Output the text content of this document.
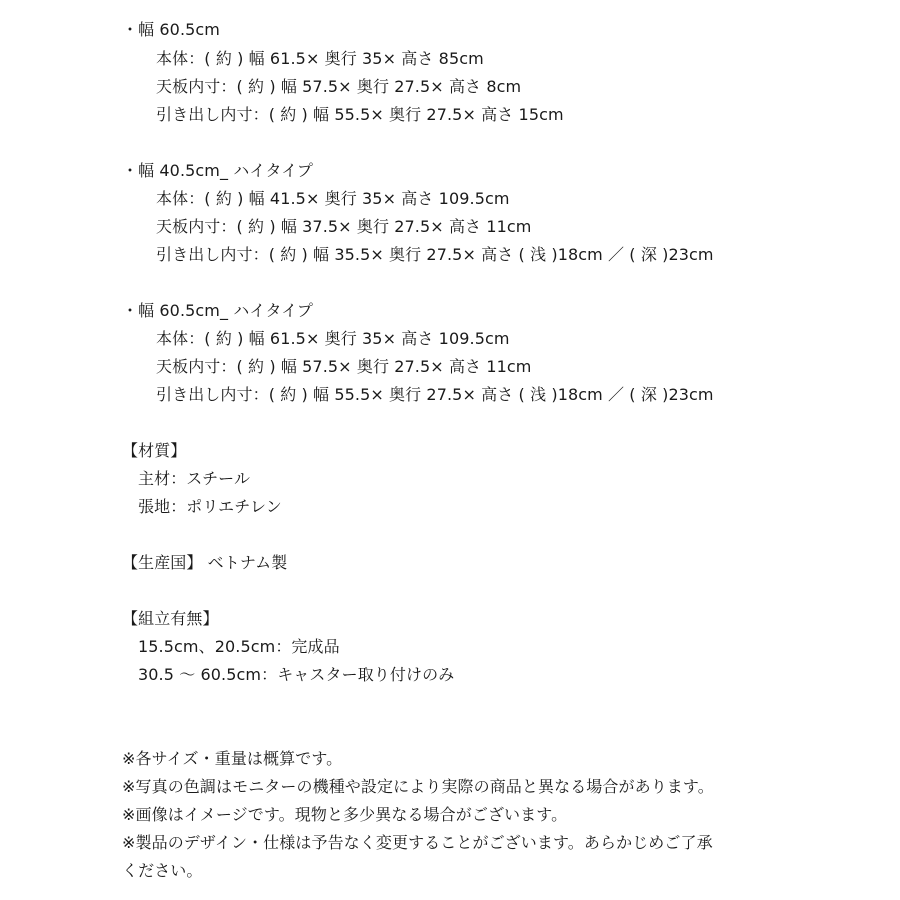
・幅 60.5cm
本体：( 約 ) 幅 61.5× 奥行 35× 高さ 85cm
天板内寸：( 約 ) 幅 57.5× 奥行 27.5× 高さ 8cm
引き出し内寸：( 約 ) 幅 55.5× 奥行 27.5× 高さ 15cm
・幅 40.5cm_ ハイタイプ
本体：( 約 ) 幅 41.5× 奥行 35× 高さ 109.5cm
天板内寸：( 約 ) 幅 37.5× 奥行 27.5× 高さ 11cm
引き出し内寸：( 約 ) 幅 35.5× 奥行 27.5× 高さ ( 浅 )18cm ／ ( 深 )23cm
・幅 60.5cm_ ハイタイプ
本体：( 約 ) 幅 61.5× 奥行 35× 高さ 109.5cm
天板内寸：( 約 ) 幅 57.5× 奥行 27.5× 高さ 11cm
引き出し内寸：( 約 ) 幅 55.5× 奥行 27.5× 高さ ( 浅 )18cm ／ ( 深 )23cm
【材質】
主材：スチール
張地：ポリエチレン
【生産国】 ベトナム製
【組立有無】
15.5cm、20.5cm：完成品
30.5 〜 60.5cm：キャスター取り付けのみ
※各サイズ・重量は概算です。
※写真の色調はモニターの機種や設定により実際の商品と異なる場合があります。
※画像はイメージです。現物と多少異なる場合がございます。
※製品のデザイン・仕様は予告なく変更することがございます。あらかじめご了承
ください。
